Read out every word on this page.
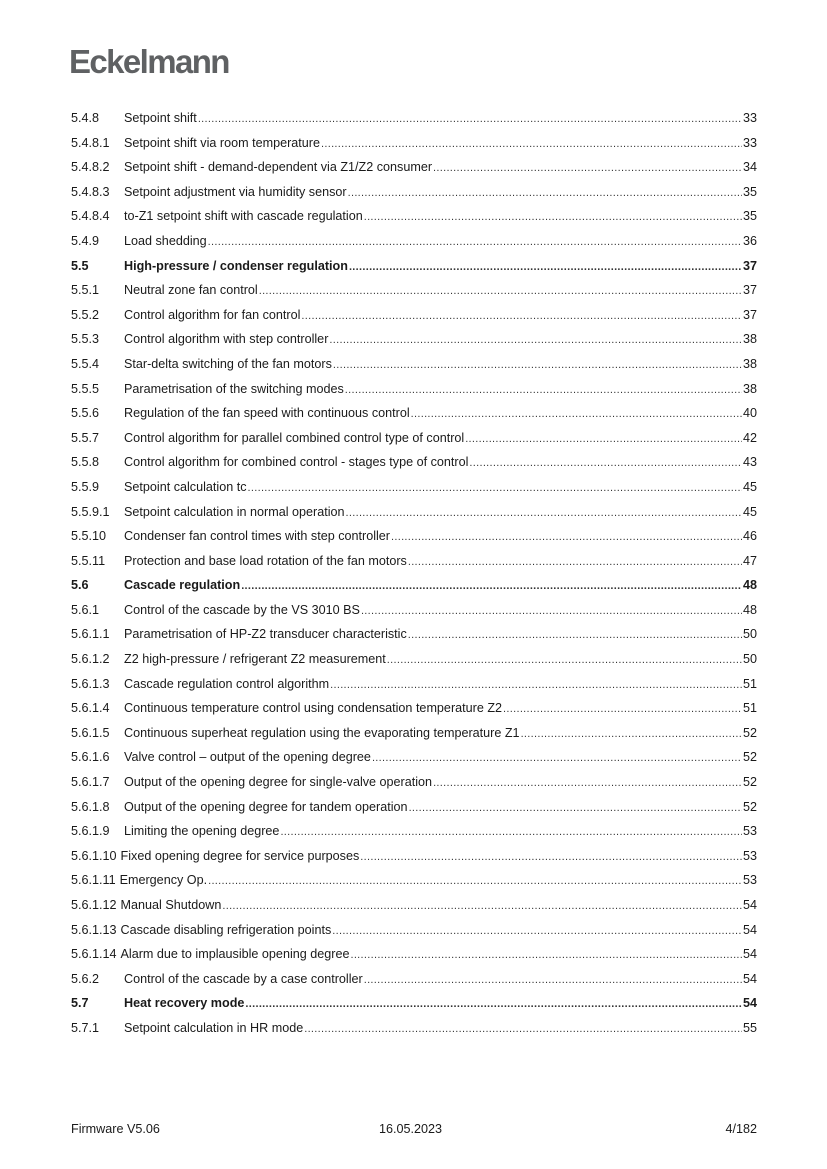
Eckelmann
5.4.8	Setpoint shift .....	33
5.4.8.1	Setpoint shift via room temperature .....	33
5.4.8.2	Setpoint shift - demand-dependent via Z1/Z2 consumer .....	34
5.4.8.3	Setpoint adjustment via humidity sensor .....	35
5.4.8.4	to-Z1 setpoint shift with cascade regulation .....	35
5.4.9	Load shedding .....	36
5.5	High-pressure / condenser regulation .....	37
5.5.1	Neutral zone fan control .....	37
5.5.2	Control algorithm for fan control .....	37
5.5.3	Control algorithm with step controller .....	38
5.5.4	Star-delta switching of the fan motors .....	38
5.5.5	Parametrisation of the switching modes .....	38
5.5.6	Regulation of the fan speed with continuous control .....	40
5.5.7	Control algorithm for parallel combined control type of control .....	42
5.5.8	Control algorithm for combined control - stages type of control .....	43
5.5.9	Setpoint calculation tc .....	45
5.5.9.1	Setpoint calculation in normal operation .....	45
5.5.10	Condenser fan control times with step controller .....	46
5.5.11	Protection and base load rotation of the fan motors .....	47
5.6	Cascade regulation .....	48
5.6.1	Control of the cascade by the VS 3010 BS .....	48
5.6.1.1	Parametrisation of HP-Z2 transducer characteristic .....	50
5.6.1.2	Z2 high-pressure / refrigerant Z2 measurement .....	50
5.6.1.3	Cascade regulation control algorithm .....	51
5.6.1.4	Continuous temperature control using condensation temperature Z2 .....	51
5.6.1.5	Continuous superheat regulation using the evaporating temperature Z1 .....	52
5.6.1.6	Valve control – output of the opening degree .....	52
5.6.1.7	Output of the opening degree for single-valve operation .....	52
5.6.1.8	Output of the opening degree for tandem operation .....	52
5.6.1.9	Limiting the opening degree .....	53
5.6.1.10 Fixed opening degree for service purposes .....	53
5.6.1.11 Emergency Op. .....	53
5.6.1.12 Manual Shutdown .....	54
5.6.1.13 Cascade disabling refrigeration points .....	54
5.6.1.14 Alarm due to implausible opening degree .....	54
5.6.2	Control of the cascade by a case controller .....	54
5.7	Heat recovery mode .....	54
5.7.1	Setpoint calculation in HR mode .....	55
Firmware V5.06	16.05.2023	4/182
